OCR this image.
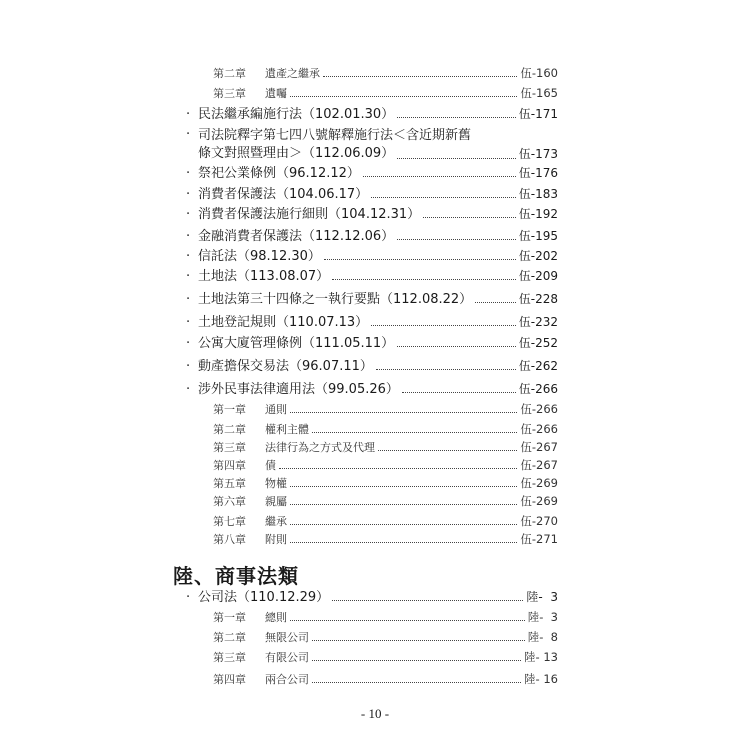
第二章	遺產之繼承	伍-160
第三章	遺囑	伍-165
· 民法繼承編施行法（102.01.30）	伍-171
· 司法院釋字第七四八號解釋施行法＜含近期新舊
條文對照暨理由＞（112.06.09）	伍-173
· 祭祀公業條例（96.12.12）	伍-176
· 消費者保護法（104.06.17）	伍-183
· 消費者保護法施行細則（104.12.31）	伍-192
· 金融消費者保護法（112.12.06）	伍-195
· 信託法（98.12.30）	伍-202
· 土地法（113.08.07）	伍-209
· 土地法第三十四條之一執行要點（112.08.22）	伍-228
· 土地登記規則（110.07.13）	伍-232
· 公寓大廈管理條例（111.05.11）	伍-252
· 動產擔保交易法（96.07.11）	伍-262
· 涉外民事法律適用法（99.05.26）	伍-266
第一章	通則	伍-266
第二章	權利主體	伍-266
第三章	法律行為之方式及代理	伍-267
第四章	債	伍-267
第五章	物權	伍-269
第六章	親屬	伍-269
第七章	繼承	伍-270
第八章	附則	伍-271
陸、商事法類
· 公司法（110.12.29）	陸-  3
第一章	總則	陸-  3
第二章	無限公司	陸-  8
第三章	有限公司	陸- 13
第四章	兩合公司	陸- 16
- 10 -
